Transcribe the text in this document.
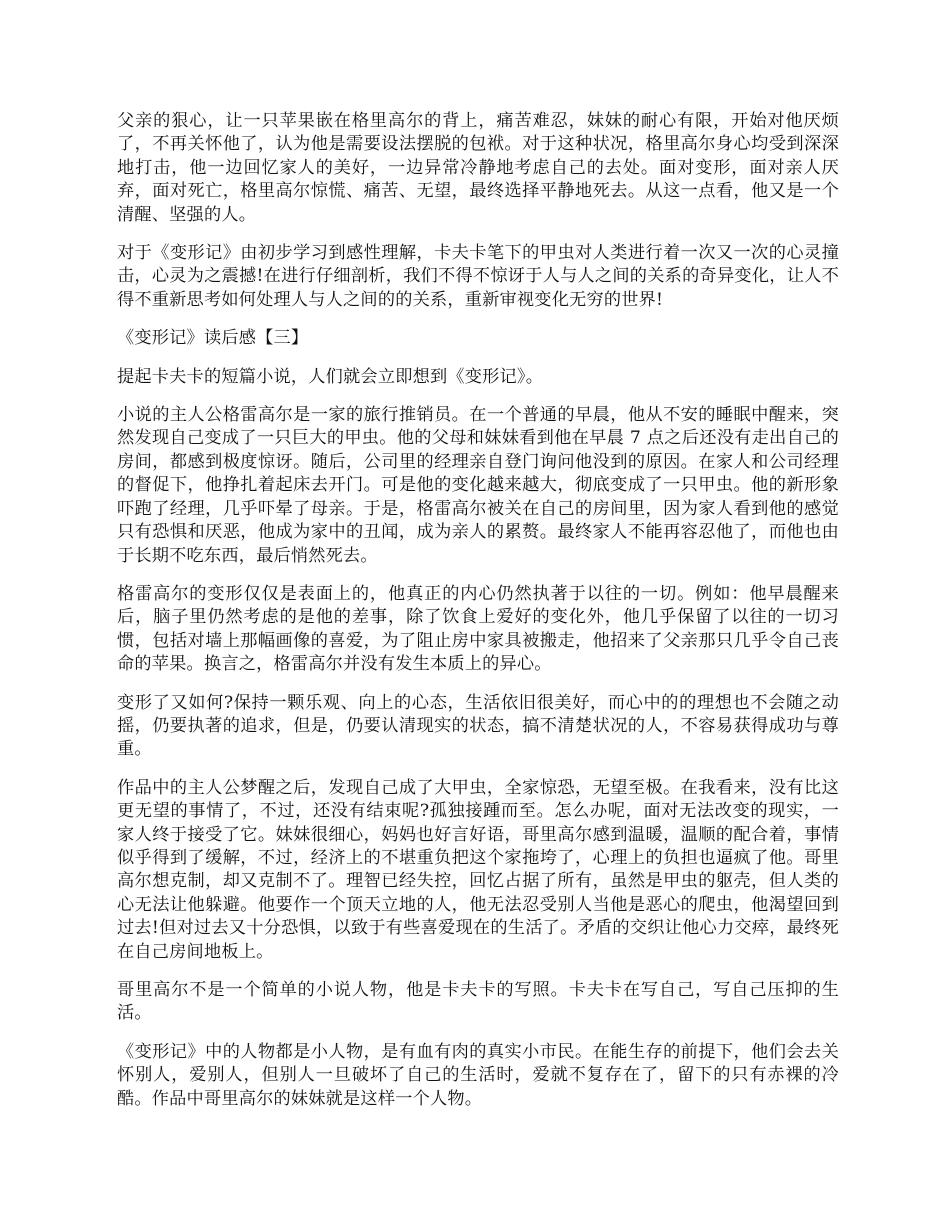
父亲的狠心，让一只苹果嵌在格里高尔的背上，痛苦难忍，妹妹的耐心有限，开始对他厌烦了，不再关怀他了，认为他是需要设法摆脱的包袱。对于这种状况，格里高尔身心均受到深深地打击，他一边回忆家人的美好，一边异常冷静地考虑自己的去处。面对变形，面对亲人厌弃，面对死亡，格里高尔惊慌、痛苦、无望，最终选择平静地死去。从这一点看，他又是一个清醒、坚强的人。

对于《变形记》由初步学习到感性理解，卡夫卡笔下的甲虫对人类进行着一次又一次的心灵撞击，心灵为之震撼!在进行仔细剖析，我们不得不惊讶于人与人之间的关系的奇异变化，让人不得不重新思考如何处理人与人之间的的关系，重新审视变化无穷的世界!

《变形记》读后感【三】

提起卡夫卡的短篇小说，人们就会立即想到《变形记》。

小说的主人公格雷高尔是一家的旅行推销员。在一个普通的早晨，他从不安的睡眠中醒来，突然发现自己变成了一只巨大的甲虫。他的父母和妹妹看到他在早晨 7 点之后还没有走出自己的房间，都感到极度惊讶。随后，公司里的经理亲自登门询问他没到的原因。在家人和公司经理的督促下，他挣扎着起床去开门。可是他的变化越来越大，彻底变成了一只甲虫。他的新形象吓跑了经理，几乎吓晕了母亲。于是，格雷高尔被关在自己的房间里，因为家人看到他的感觉只有恐惧和厌恶，他成为家中的丑闻，成为亲人的累赘。最终家人不能再容忍他了，而他也由于长期不吃东西，最后悄然死去。

格雷高尔的变形仅仅是表面上的，他真正的内心仍然执著于以往的一切。例如：他早晨醒来后，脑子里仍然考虑的是他的差事，除了饮食上爱好的变化外，他几乎保留了以往的一切习惯，包括对墙上那幅画像的喜爱，为了阻止房中家具被搬走，他招来了父亲那只几乎令自己丧命的苹果。换言之，格雷高尔并没有发生本质上的异心。

变形了又如何?保持一颗乐观、向上的心态，生活依旧很美好，而心中的的理想也不会随之动摇，仍要执著的追求，但是，仍要认清现实的状态，搞不清楚状况的人，不容易获得成功与尊重。

作品中的主人公梦醒之后，发现自己成了大甲虫，全家惊恐，无望至极。在我看来，没有比这更无望的事情了，不过，还没有结束呢?孤独接踵而至。怎么办呢，面对无法改变的现实，一家人终于接受了它。妹妹很细心，妈妈也好言好语，哥里高尔感到温暖，温顺的配合着，事情似乎得到了缓解，不过，经济上的不堪重负把这个家拖垮了，心理上的负担也逼疯了他。哥里高尔想克制，却又克制不了。理智已经失控，回忆占据了所有，虽然是甲虫的躯壳，但人类的心无法让他躲避。他要作一个顶天立地的人，他无法忍受别人当他是恶心的爬虫，他渴望回到过去!但对过去又十分恐惧，以致于有些喜爱现在的生活了。矛盾的交织让他心力交瘁，最终死在自己房间地板上。

哥里高尔不是一个简单的小说人物，他是卡夫卡的写照。卡夫卡在写自己，写自己压抑的生活。

《变形记》中的人物都是小人物，是有血有肉的真实小市民。在能生存的前提下，他们会去关怀别人，爱别人，但别人一旦破坏了自己的生活时，爱就不复存在了，留下的只有赤裸的冷酷。作品中哥里高尔的妹妹就是这样一个人物。
